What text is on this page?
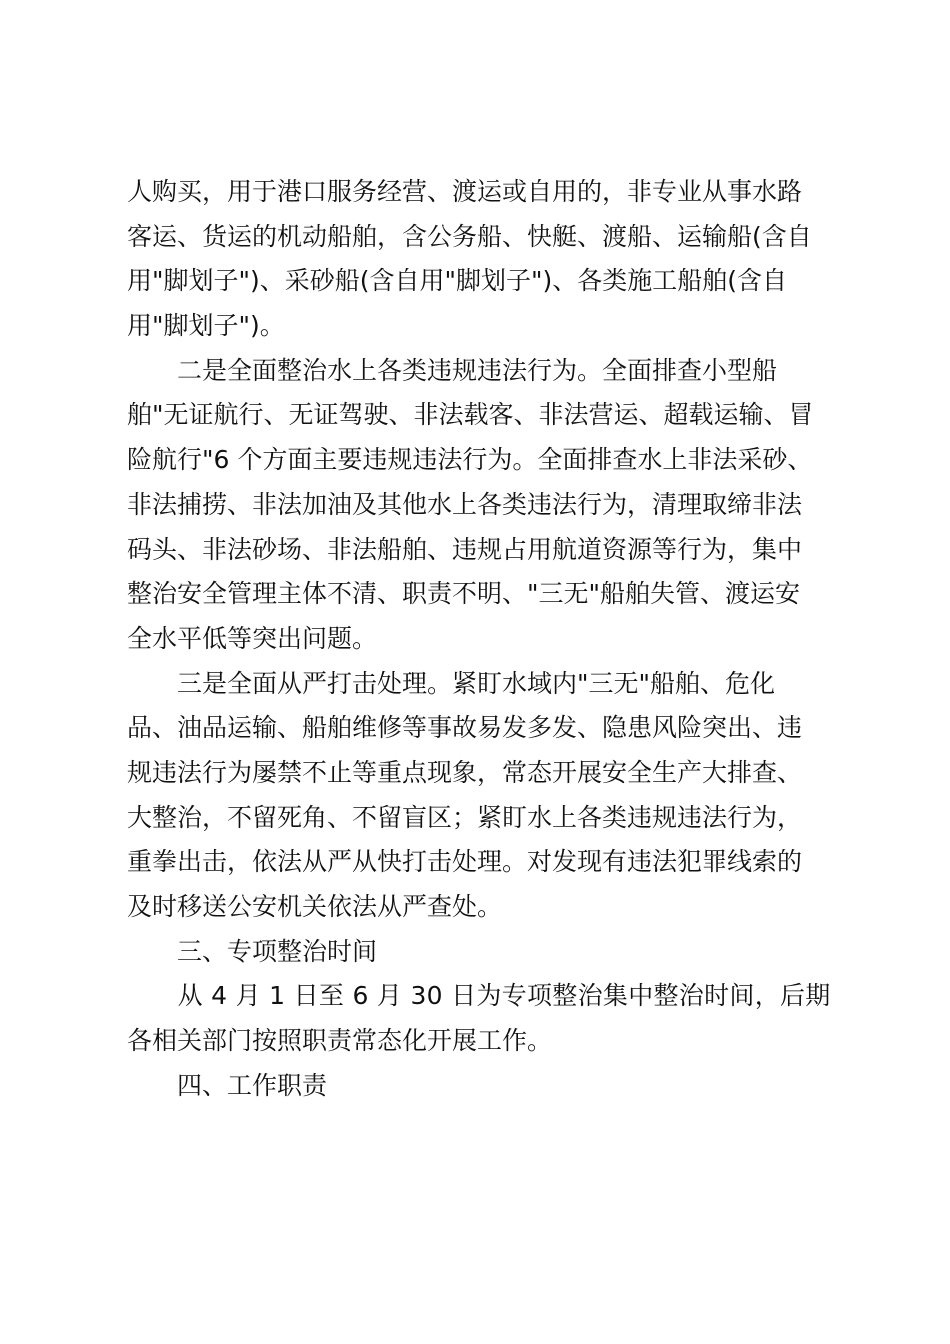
人购买，用于港口服务经营、渡运或自用的，非专业从事水路
客运、货运的机动船舶，含公务船、快艇、渡船、运输船(含自
用"脚划子")、采砂船(含自用"脚划子")、各类施工船舶(含自
用"脚划子")。
　　二是全面整治水上各类违规违法行为。全面排查小型船
舶"无证航行、无证驾驶、非法载客、非法营运、超载运输、冒
险航行"6 个方面主要违规违法行为。全面排查水上非法采砂、
非法捕捞、非法加油及其他水上各类违法行为，清理取缔非法
码头、非法砂场、非法船舶、违规占用航道资源等行为，集中
整治安全管理主体不清、职责不明、"三无"船舶失管、渡运安
全水平低等突出问题。
　　三是全面从严打击处理。紧盯水域内"三无"船舶、危化
品、油品运输、船舶维修等事故易发多发、隐患风险突出、违
规违法行为屡禁不止等重点现象，常态开展安全生产大排查、
大整治，不留死角、不留盲区；紧盯水上各类违规违法行为，
重拳出击，依法从严从快打击处理。对发现有违法犯罪线索的
及时移送公安机关依法从严查处。
　　三、专项整治时间
　　从 4 月 1 日至 6 月 30 日为专项整治集中整治时间，后期
各相关部门按照职责常态化开展工作。
　　四、工作职责
